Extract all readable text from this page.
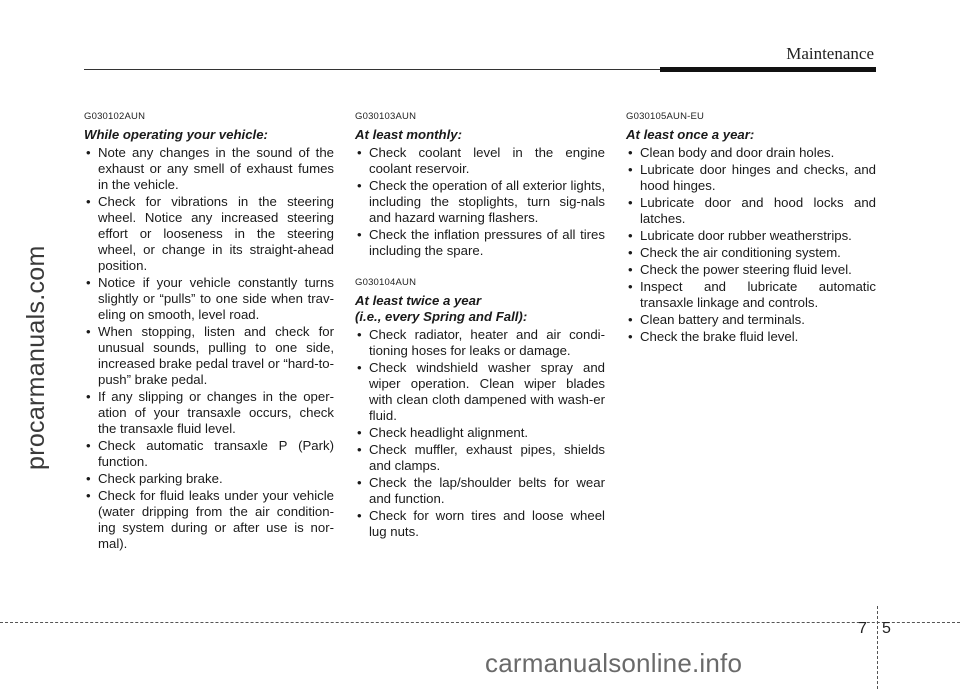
Maintenance
procarmanuals.com
G030102AUN
While operating your vehicle:
• Note any changes in the sound of the exhaust or any smell of exhaust fumes in the vehicle.
• Check for vibrations in the steering wheel. Notice any increased steering effort or looseness in the steering wheel, or change in its straight-ahead position.
• Notice if your vehicle constantly turns slightly or “pulls” to one side when trav-eling on smooth, level road.
• When stopping, listen and check for unusual sounds, pulling to one side, increased brake pedal travel or “hard-to-push” brake pedal.
• If any slipping or changes in the oper-ation of your transaxle occurs, check the transaxle fluid level.
• Check automatic transaxle P (Park) function.
• Check parking brake.
• Check for fluid leaks under your vehicle (water dripping from the air condition-ing system during or after use is nor-mal).
G030103AUN
At least monthly:
• Check coolant level in the engine coolant reservoir.
• Check the operation of all exterior lights, including the stoplights, turn sig-nals and hazard warning flashers.
• Check the inflation pressures of all tires including the spare.
G030104AUN
At least twice a year
(i.e., every Spring and Fall):
• Check radiator, heater and air condi-tioning hoses for leaks or damage.
• Check windshield washer spray and wiper operation. Clean wiper blades with clean cloth dampened with wash-er fluid.
• Check headlight alignment.
• Check muffler, exhaust pipes, shields and clamps.
• Check the lap/shoulder belts for wear and function.
• Check for worn tires and loose wheel lug nuts.
G030105AUN-EU
At least once a year:
• Clean body and door drain holes.
• Lubricate door hinges and checks, and hood hinges.
• Lubricate door and hood locks and latches.
• Lubricate door rubber weatherstrips.
• Check the air conditioning system.
• Check the power steering fluid level.
• Inspect and lubricate automatic transaxle linkage and controls.
• Clean battery and terminals.
• Check the brake fluid level.
7 5
carmanualsonline.info
